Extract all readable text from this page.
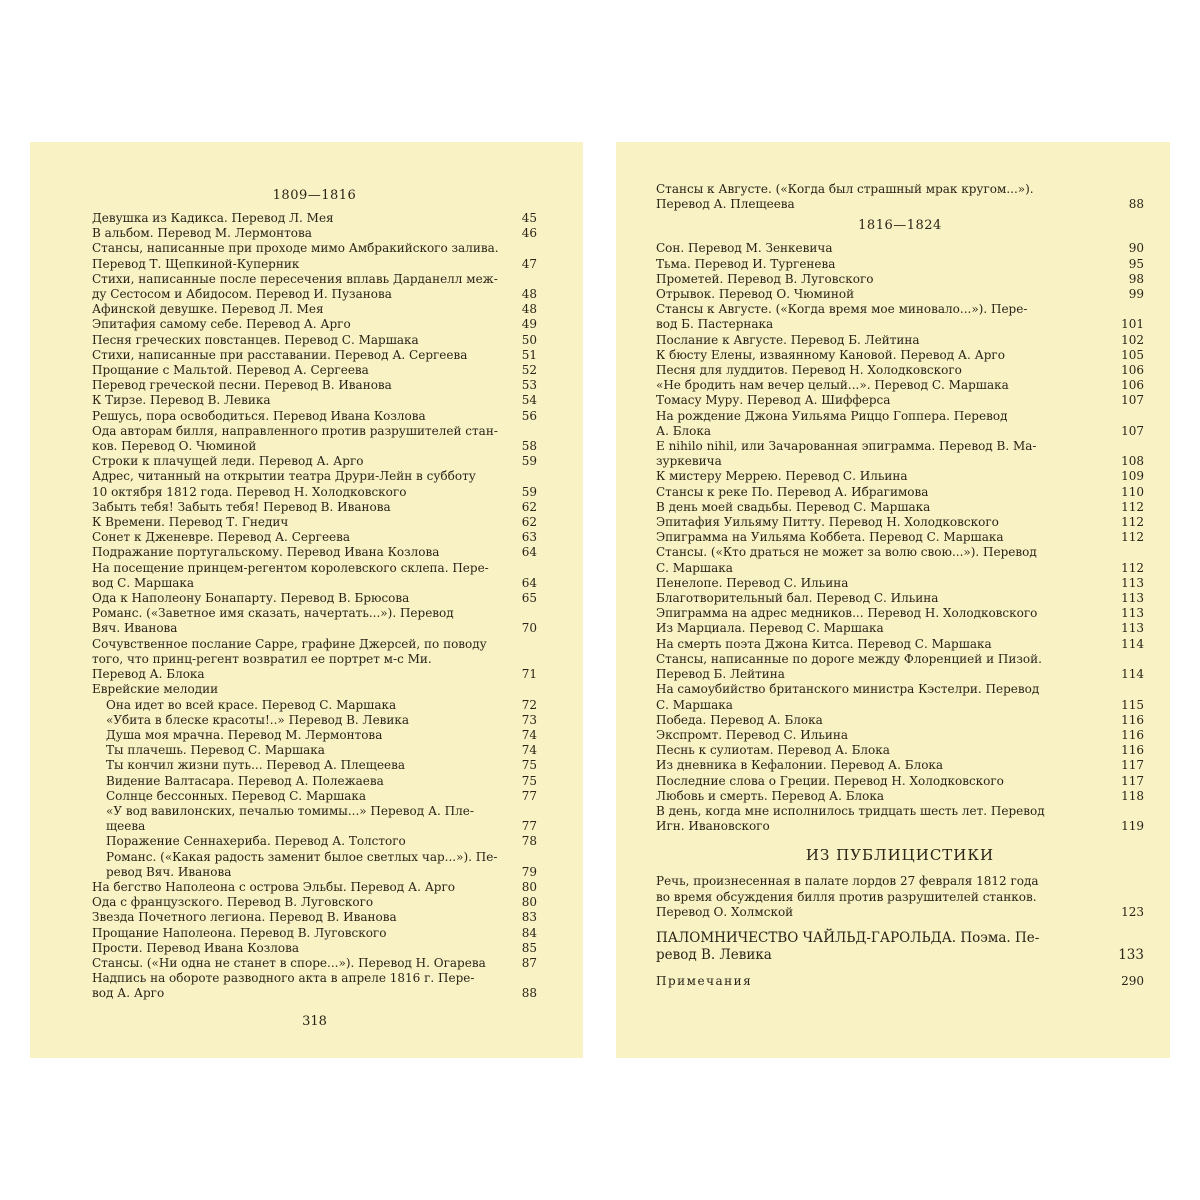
1809—1816
Девушка из Кадикса. Перевод Л. Мея	45
В альбом. Перевод М. Лермонтова	46
Стансы, написанные при проходе мимо Амбракийского залива.
Перевод Т. Щепкиной-Куперник	47
Стихи, написанные после пересечения вплавь Дарданелл меж-
ду Сестосом и Абидосом. Перевод И. Пузанова	48
Афинской девушке. Перевод Л. Мея	48
Эпитафия самому себе. Перевод А. Арго	49
Песня греческих повстанцев. Перевод С. Маршака	50
Стихи, написанные при расставании. Перевод А. Сергеева	51
Прощание с Мальтой. Перевод А. Сергеева	52
Перевод греческой песни. Перевод В. Иванова	53
К Тирзе. Перевод В. Левика	54
Решусь, пора освободиться. Перевод Ивана Козлова	56
Ода авторам билля, направленного против разрушителей стан-
ков. Перевод О. Чюминой	58
Строки к плачущей леди. Перевод А. Арго	59
Адрес, читанный на открытии театра Друри-Лейн в субботу
10 октября 1812 года. Перевод Н. Холодковского	59
Забыть тебя! Забыть тебя! Перевод В. Иванова	62
К Времени. Перевод Т. Гнедич	62
Сонет к Дженевре. Перевод А. Сергеева	63
Подражание португальскому. Перевод Ивана Козлова	64
На посещение принцем-регентом королевского склепа. Пере-
вод С. Маршака	64
Ода к Наполеону Бонапарту. Перевод В. Брюсова	65
Романс. («Заветное имя сказать, начертать...»). Перевод
Вяч. Иванова	70
Сочувственное послание Сарре, графине Джерсей, по поводу
того, что принц-регент возвратил ее портрет м-с Ми.
Перевод А. Блока	71
Еврейские мелодии
Она идет во всей красе. Перевод С. Маршака	72
«Убита в блеске красоты!..» Перевод В. Левика	73
Душа моя мрачна. Перевод М. Лермонтова	74
Ты плачешь. Перевод С. Маршака	74
Ты кончил жизни путь... Перевод А. Плещеева	75
Видение Валтасара. Перевод А. Полежаева	75
Солнце бессонных. Перевод С. Маршака	77
«У вод вавилонских, печалью томимы...» Перевод А. Пле-
щеева	77
Поражение Сеннахериба. Перевод А. Толстого	78
Романс. («Какая радость заменит былое светлых чар...»). Пе-
ревод Вяч. Иванова	79
На бегство Наполеона с острова Эльбы. Перевод А. Арго	80
Ода с французского. Перевод В. Луговского	80
Звезда Почетного легиона. Перевод В. Иванова	83
Прощание Наполеона. Перевод В. Луговского	84
Прости. Перевод Ивана Козлова	85
Стансы. («Ни одна не станет в споре...»). Перевод Н. Огарева	87
Надпись на обороте разводного акта в апреле 1816 г. Пере-
вод А. Арго	88
318
Стансы к Августе. («Когда был страшный мрак кругом...»).
Перевод А. Плещеева	88
1816—1824
Сон. Перевод М. Зенкевича	90
Тьма. Перевод И. Тургенева	95
Прометей. Перевод В. Луговского	98
Отрывок. Перевод О. Чюминой	99
Стансы к Августе. («Когда время мое миновало...»). Пере-
вод Б. Пастернака	101
Послание к Августе. Перевод Б. Лейтина	102
К бюсту Елены, изваянному Кановой. Перевод А. Арго	105
Песня для луддитов. Перевод Н. Холодковского	106
«Не бродить нам вечер целый...». Перевод С. Маршака	106
Томасу Муру. Перевод А. Шифферса	107
На рождение Джона Уильяма Риццо Гоппера. Перевод
А. Блока	107
E nihilo nihil, или Зачарованная эпиграмма. Перевод В. Ма-
зуркевича	108
К мистеру Меррею. Перевод С. Ильина	109
Стансы к реке По. Перевод А. Ибрагимова	110
В день моей свадьбы. Перевод С. Маршака	112
Эпитафия Уильяму Питту. Перевод Н. Холодковского	112
Эпиграмма на Уильяма Коббета. Перевод С. Маршака	112
Стансы. («Кто драться не может за волю свою...»). Перевод
С. Маршака	112
Пенелопе. Перевод С. Ильина	113
Благотворительный бал. Перевод С. Ильина	113
Эпиграмма на адрес медников... Перевод Н. Холодковского	113
Из Марциала. Перевод С. Маршака	113
На смерть поэта Джона Китса. Перевод С. Маршака	114
Стансы, написанные по дороге между Флоренцией и Пизой.
Перевод Б. Лейтина	114
На самоубийство британского министра Кэстелри. Перевод
С. Маршака	115
Победа. Перевод А. Блока	116
Экспромт. Перевод С. Ильина	116
Песнь к сулиотам. Перевод А. Блока	116
Из дневника в Кефалонии. Перевод А. Блока	117
Последние слова о Греции. Перевод Н. Холодковского	117
Любовь и смерть. Перевод А. Блока	118
В день, когда мне исполнилось тридцать шесть лет. Перевод
Игн. Ивановского	119
ИЗ ПУБЛИЦИСТИКИ
Речь, произнесенная в палате лордов 27 февраля 1812 года
во время обсуждения билля против разрушителей станков.
Перевод О. Холмской	123
ПАЛОМНИЧЕСТВО ЧАЙЛЬД-ГАРОЛЬДА. Поэма. Пе-
ревод В. Левика	133
Примечания	290
